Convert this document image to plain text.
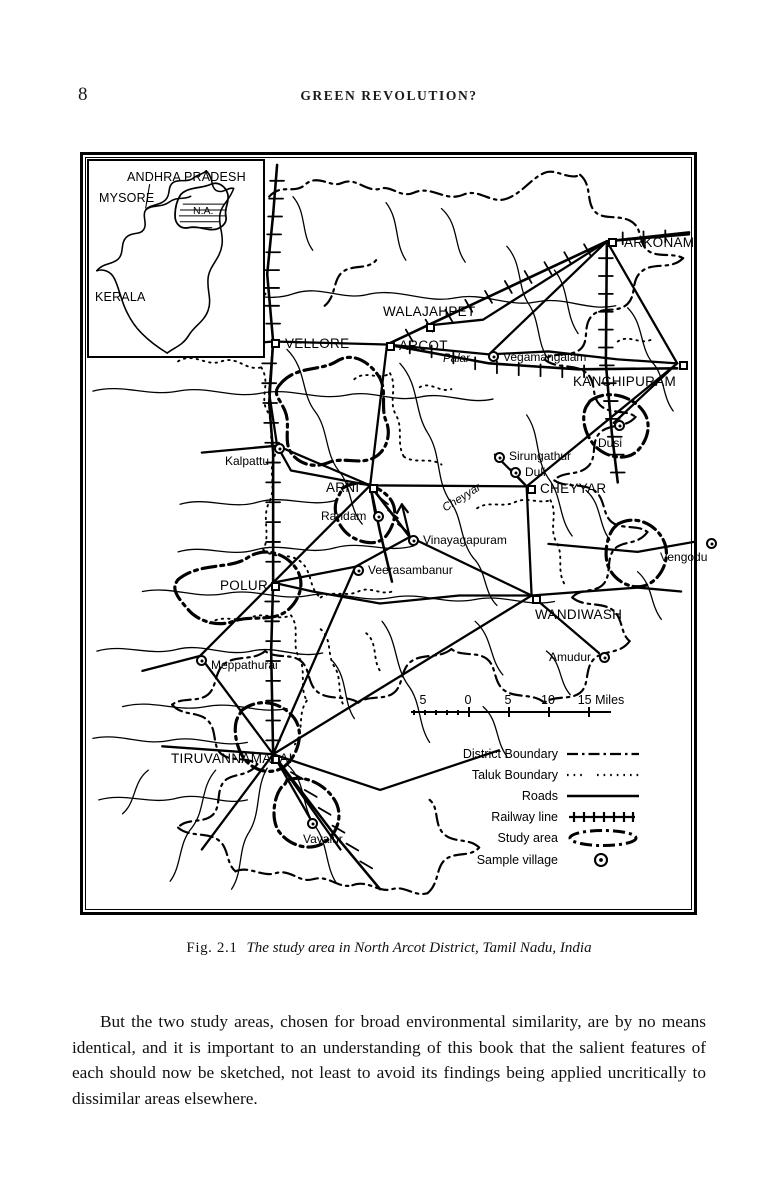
8	GREEN REVOLUTION?
ANDHRA PRADESH
MYSORE
N.A.
KERALA
ARKONAM
WALAJAHPET
ARCOT
KANCHIPURAM
VELLORE
ARNI	CHEYYAR
WANDIWASH
POLUR
TIRUVANNAMALAI
Vegamangalam
Dusi
Kalpattu	Sirungathur
Duli
Randam
Vinayagapuram
Veerasambanur
Vengodu
Amudur
Meppathurai
Vayalur
Palar
Cheyyar
5	0	5 10 15 Miles
District Boundary
Taluk Boundary
Roads
Railway line
Study area
Sample village
Fig. 2.1 The study area in North Arcot District, Tamil Nadu, India

But the two study areas, chosen for broad environmental similarity, are by no means identical, and it is important to an understanding of this book that the salient features of each should now be sketched, not least to avoid its findings being applied uncritically to dissimilar areas elsewhere.
